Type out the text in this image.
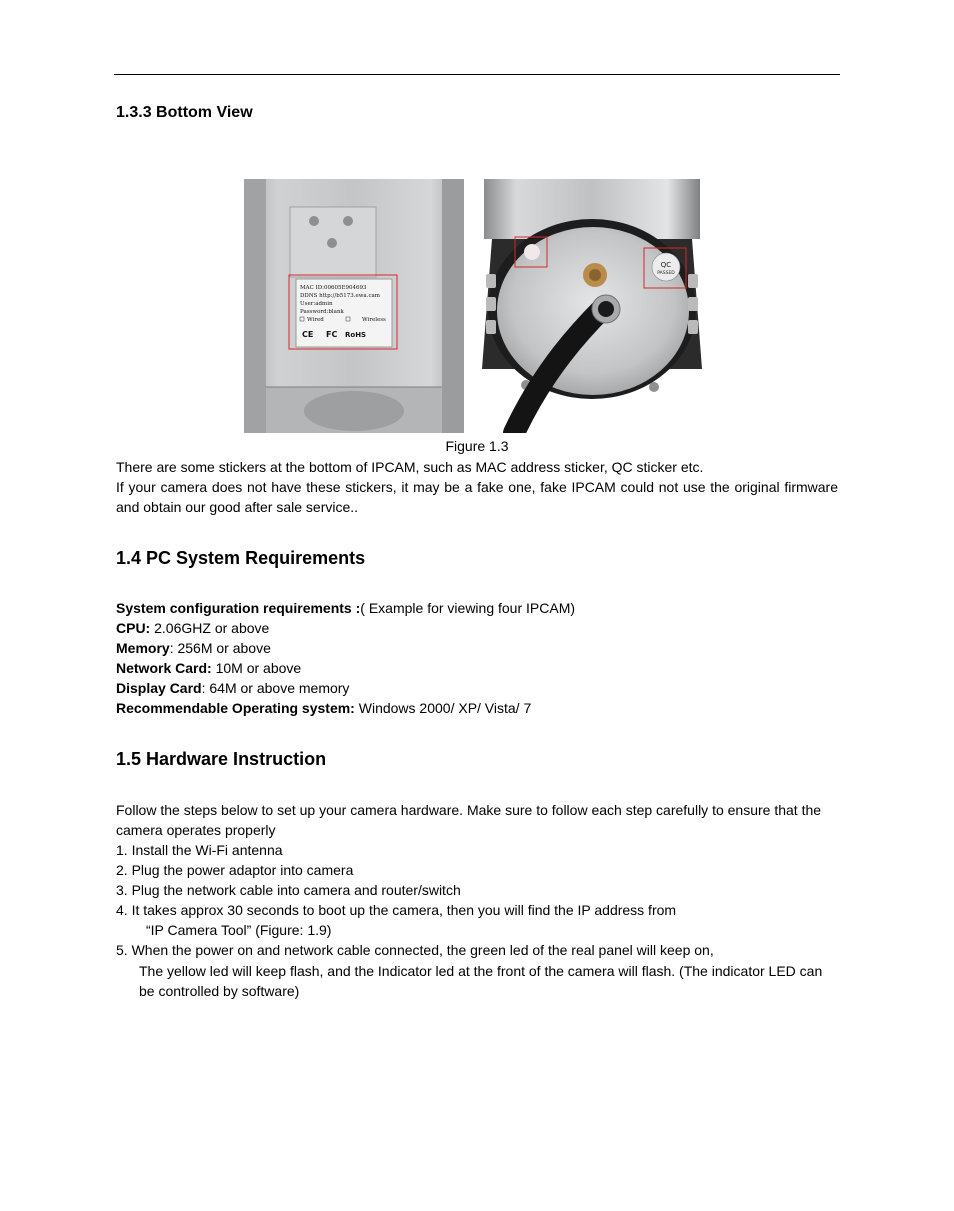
1.3.3 Bottom View
MAC ID:00605E904693
DDNS http://b5173.ewa.cam
User:admin
Password:blank
Wired	Wireless
CE FC RoHS
QC
PASSED
Figure 1.3
There are some stickers at the bottom of IPCAM, such as MAC address sticker, QC sticker etc.
If your camera does not have these stickers, it may be a fake one, fake IPCAM could not use the original firmware and obtain our good after sale service..
1.4 PC System Requirements
System configuration requirements :( Example for viewing four IPCAM)
CPU: 2.06GHZ or above
Memory: 256M or above
Network Card: 10M or above
Display Card: 64M or above memory
Recommendable Operating system: Windows 2000/ XP/ Vista/ 7
1.5 Hardware Instruction
Follow the steps below to set up your camera hardware. Make sure to follow each step carefully to ensure that the camera operates properly
1. Install the Wi-Fi antenna
2. Plug the power adaptor into camera
3. Plug the network cable into camera and router/switch
4. It takes approx 30 seconds to boot up the camera, then you will find the IP address from
“IP Camera Tool” (Figure: 1.9)
5. When the power on and network cable connected, the green led of the real panel will keep on,
The yellow led will keep flash, and the Indicator led at the front of the camera will flash. (The indicator LED can be controlled by software)
